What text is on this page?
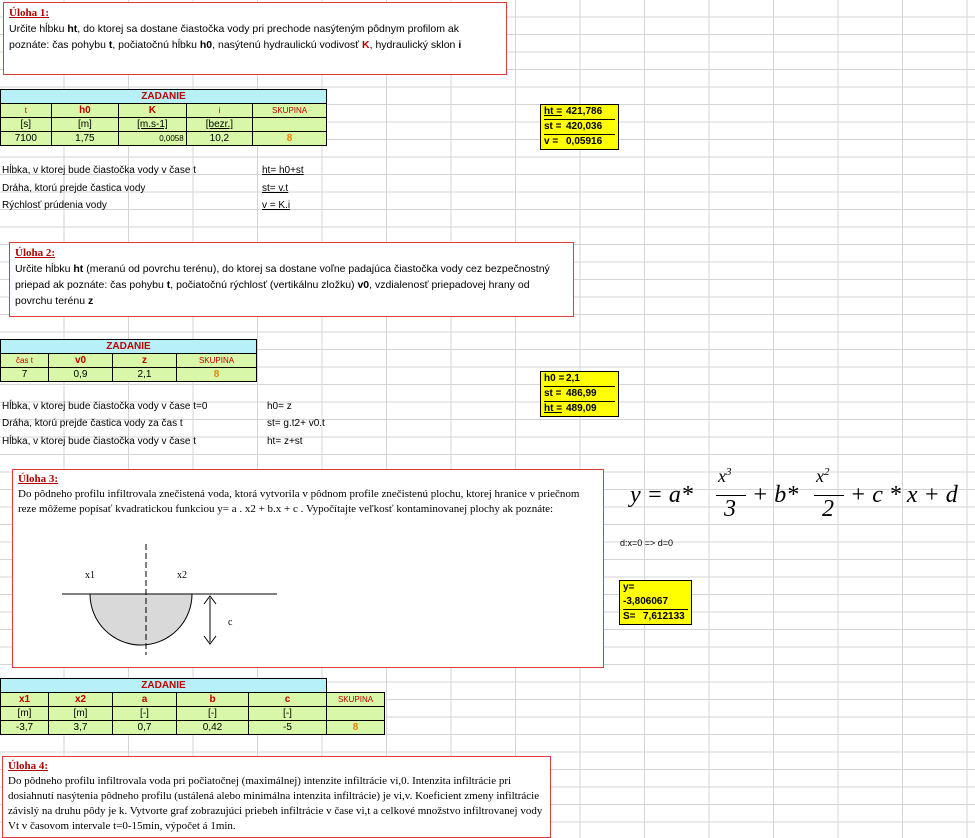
Úloha 1:
Určite hĺbku ht, do ktorej sa dostane čiastočka vody pri prechode nasýteným pôdnym profilom ak poznáte: čas pohybu t, počiatočnú hĺbku h0, nasýtenú hydraulickú vodivosť K, hydraulický sklon i
ZADANIE				
t	h0	K	i	SKUPINA
[s]	[m]	[m.s-1]	[bezr.]	
7100	1,75	0,0058	10,2	8
Hĺbka, v ktorej bude čiastočka vody v čase t	ht= h0+st
Dráha, ktorú prejde častica vody	st= v.t
Rýchlosť prúdenia vody	v = K.i
ht = 421,786
st = 420,036
v = 0,05916
Úloha 2:
Určite hĺbku ht (meranú od povrchu terénu), do ktorej sa dostane voľne padajúca čiastočka vody cez bezpečnostný priepad ak poznáte: čas pohybu t, počiatočnú rýchlosť (vertikálnu zložku) v0, vzdialenosť priepadovej hrany od povrchu terénu z
ZADANIE			
čas t	v0	z	SKUPINA
7	0,9	2,1	8
Hĺbka, v ktorej bude čiastočka vody v čase t=0	h0= z
Dráha, ktorú prejde častica vody za čas t	st= g.t2+ v0.t
Hĺbka, v ktorej bude čiastočka vody v čase t	ht= z+st
h0 = 2,1
st = 486,99
ht = 489,09
Úloha 3:
Do pôdneho profilu infiltrovala znečistená voda, ktorá vytvorila v pôdnom profile znečistenú plochu, ktorej hranice v priečnom reze môžeme popísať kvadratickou funkciou y= a . x2 + b.x + c . Vypočítajte veľkosť kontaminovanej plochy ak poznáte:
x1	x2
c
y = a*
$x^3$
3
+ b*
$x^2$
2
+ c * x + d
d:x=0 => d=0
y=-3,806067
S= 7,612133
ZADANIE					
x1	x2	a	b	c	SKUPINA
[m]	[m]	[-]	[-]	[-]	
-3,7	3,7	0,7	0,42	-5	8
Úloha 4:
Do pôdneho profilu infiltrovala voda pri počiatočnej (maximálnej) intenzite infiltrácie vi,0. Intenzita infiltrácie pri dosiahnutí nasýtenia pôdneho profilu (ustálená alebo minimálna intenzita infiltrácie) je vi,v. Koeficient zmeny infiltrácie závislý na druhu pôdy je k. Vytvorte graf zobrazujúci priebeh infiltrácie v čase vi,t a celkové množstvo infiltrovanej vody Vt v časovom intervale t=0-15min, výpočet á 1min.
